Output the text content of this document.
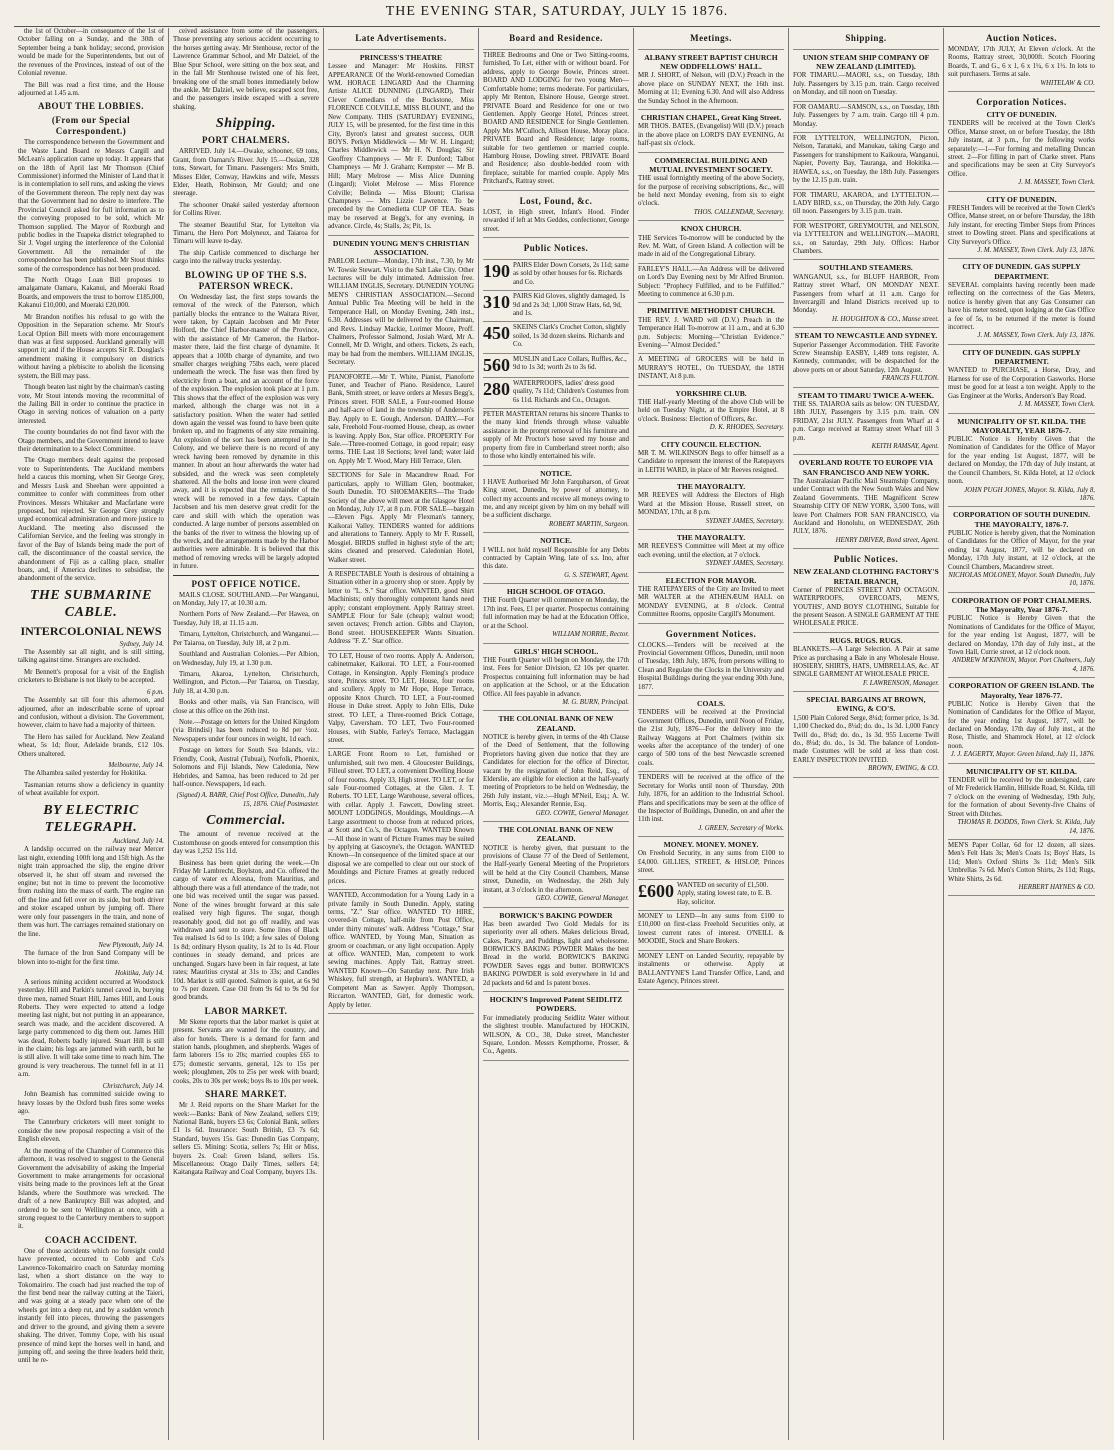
THE EVENING STAR, SATURDAY, JULY 15 1876.

the 1st of October—in consequence of the 1st of October falling on a Sunday, and the 30th of September being a bank holiday; second, provision would be made for the Superintendents, but out of the revenues of the Provinces, instead of out of the Colonial revenue.

The Bill was read a first time, and the House adjourned at 1.45 a.m.

ABOUT THE LOBBIES.
(From our Special Correspondent.)

The correspondence between the Government and the Waste Land Board re Messrs Cargill and McLean's application came up today. It appears that on the 18th of April last Mr Thomson (Chief Commissioner) informed the Minister of Land that it is in contemplation to sell runs, and asking the views of the Government thereon. The reply next day was that the Government had no desire to interfere. The Provincial Council asked for full information as to the conveying proposed to be sold, which Mr Thomson supplied. The Mayor of Roxburgh and public bodies in the Tuapeka district telegraphed to Sir J. Vogel urging the interference of the Colonial Government. All the remainder of the correspondence has been published. Mr Stout thinks some of the correspondence has not been produced.

The North Otago Loan Bill proposes to amalgamate Oamaru, Kakanui, and Moeraki Road Boards, and empowers the trust to borrow £185,000, Kakanui £10,000, and Moeraki £20,000.

Mr Brandon notifies his refusal to go with the Opposition in the Separation scheme. Mr Stout's Local Option Bill meets with more encouragement than was at first supposed. Auckland generally will support it; and if the House accepts Sir R. Douglas's amendment making it compulsory on districts without having a plebiscite to abolish the licensing system, the Bill may pass.

Though beaten last night by the chairman's casting vote, Mr Stout intends moving the recommittal of the Jailing Bill in order to continue the practice in Otago in serving notices of valuation on a party interested.

The county boundaries do not find favor with the Otago members, and the Government intend to leave their determination to a Select Committee.

The Otago members dealt against the proposed vote to Superintendents. The Auckland members held a caucus this morning, when Sir George Grey, and Messrs Lusk and Sheehan were appointed a committee to confer with committees from other Provinces. Messrs Whitaker and Macfarlane were proposed, but rejected. Sir George Grey strongly urged economical administration and more justice to Auckland. The meeting also discussed the Californian Service, and the feeling was strongly in favor of the Bay of Islands being made the port of call, the discontinuance of the coastal service, the abandonment of Fiji as a calling place, smaller boats, and, if America declines to subsidise, the abandonment of the service.

THE SUBMARINE CABLE.
INTERCOLONIAL NEWS
Sydney, July 14.

The Assembly sat all night, and is still sitting, talking against time. Strangers are excluded.

Mr Bennett's proposal for a visit of the English cricketers to Brisbane is not likely to be accepted.

6 p.m.

The Assembly sat till four this afternoon, and adjourned, after an indescribable scene of uproar and confusion, without a division. The Government, however, claim to have had a majority of thirteen.

The Hero has sailed for Auckland. New Zealand wheat, 5s 1d; flour, Adelaide brands, £12 10s. Others unaltered.

Melbourne, July 14.

The Alhambra sailed yesterday for Hokitika.

Tasmanian returns show a deficiency in quantity of wheat available for export.

BY ELECTRIC TELEGRAPH.
Auckland, July 14.

A landslip occurred on the railway near Mercer last night, extending 100ft long and 15ft high. As the night train approached the slip, the engine driver observed it, he shut off steam and reversed the engine; but not in time to prevent the locomotive from rushing into the mass of earth. The engine ran off the line and fell over on its side, but both driver and stoker escaped unhurt by jumping off. There were only four passengers in the train, and none of them was hurt. The carriages remained stationary on the line.

New Plymouth, July 14.

The furnace of the Iron Sand Company will be blown into to-night for the first time.

Hokitika, July 14.

A serious mining accident occurred at Woodstock yesterday. Hill and Parkin's tunnel caved in, burying three men, named Stuart Hill, James Hill, and Louis Roberts. They were expected to attend a lodge meeting last night, but not putting in an appearance, search was made, and the accident discovered. A large party commenced to dig them out. James Hill was dead, Roberts badly injured. Stuart Hill is still in the claim; his legs are jammed with earth, but he is still alive. It will take some time to reach him. The ground is very treacherous. The tunnel fell in at 11 a.m.

Christchurch, July 14.

John Beamish has committed suicide owing to heavy losses by the Oxford bush fires some weeks ago.

The Canterbury cricketers will meet tonight to consider the new proposal respecting a visit of the English eleven.

At the meeting of the Chamber of Commerce this afternoon, it was resolved to suggest to the General Government the advisability of asking the Imperial Government to make arrangements for occasional visits being made to the provinces left at the Great Islands, where the Southmore was wrecked. The draft of a new Bankruptcy Bill was adopted, and ordered to be sent to Wellington at once, with a strong request to the Canterbury members to support it.

COACH ACCIDENT.

One of those accidents which no foresight could have prevented, occurred to Cobb and Co's Lawrence-Tokomairiro coach on Saturday morning last, when a short distance on the way to Tokomairiro. The coach had just reached the top of the first bend near the railway cutting at the Taieri, and was going at a steady pace when one of the wheels got into a deep rut, and by a sudden wrench instantly fell into pieces, throwing the passengers and driver to the ground, and giving them a severe shaking. The driver, Tommy Cope, with his usual presence of mind kept the horses well in hand, and jumping off, and seeing the three leaders held their, until he re-

ceived assistance from some of the passengers. Those preventing any serious accident occurring to the horses getting away. Mr Stenhouse, rector of the Lawrence Grammar School, and Mr Dalziel, of the Blue Spur School, were sitting on the box seat, and in the fall Mr Stenhouse twisted one of his feet, breaking one of the small bones immediately below the ankle. Mr Dalziel, we believe, escaped scot free, and the passengers inside escaped with a severe shaking.

Shipping.
PORT CHALMERS.

ARRIVED. July 14.—Owake, schooner, 69 tons, Grant, from Oamaru's River. July 15.—Ossian, 328 tons, Stewart, for Timaru. Passengers: Mrs Smith, Misses Elder, Conway, Hawkins and wife, Messrs Elder, Heath, Robinson, Mr Gould; and one steerage.

The schooner Onaké sailed yesterday afternoon for Collins River.

The steamer Beautiful Star, for Lyttelton via Timaru, the Hero Port Molyneux, and Taiaroa for Timaru will leave to-day.

The ship Carlisle commenced to discharge her cargo into the railway trucks yesterday.

BLOWING UP OF THE S.S. PATERSON WRECK.

On Wednesday last, the first steps towards the removal of the wreck of the Paterson, which partially blocks the entrance to the Waitara River, were taken, by Captain Jacobsen and Mr Peter Holford, the Chief Harbor-master of the Province, with the assistance of Mr Cameron, the Harbor-master there, laid the first charge of dynamite. It appears that a 100lb charge of dynamite, and two smaller charges weighing 75lbs each, were placed underneath the wreck. The fuse was then fired by electricity from a boat, and an account of the force of the explosion. The explosion took place at 1 p.m. This shows that the effect of the explosion was very marked, although the charge was not in a satisfactory position. When the water had settled down again the vessel was found to have been quite broken up, and no fragments of any size remaining. An explosion of the sort has been attempted in the Colony, and we believe there is no record of any wreck having been removed by dynamite in this manner. In about an hour afterwards the water had subsided, and the wreck was seen completely shattered. All the bolts and loose iron were cleared away, and it is expected that the remainder of the wreck will be removed in a few days. Captain Jacobsen and his men deserve great credit for the care and skill with which the operation was conducted. A large number of persons assembled on the banks of the river to witness the blowing up of the wreck, and the arrangements made by the Harbor authorities were admirable. It is believed that this method of removing wrecks will be largely adopted in future.

POST OFFICE NOTICE.

MAILS CLOSE. SOUTHLAND.—Per Wanganui, on Monday, July 17, at 10.30 a.m.

Northern Ports of New Zealand.—Per Hawea, on Tuesday, July 18, at 11.15 a.m.

Timaru, Lyttelton, Christchurch, and Wanganui.—Per Taiaroa, on Tuesday, July 18, at 2 p.m.

Southland and Australian Colonies.—Per Albion, on Wednesday, July 19, at 1.30 p.m.

Timaru, Akaroa, Lyttelton, Christchurch, Wellington, and Picton.—Per Taiaroa, on Tuesday, July 18, at 4.30 p.m.

Books and other mails, via San Francisco, will close at this office on the 26th inst.

Note.—Postage on letters for the United Kingdom (via Brindisi) has been reduced to 8d per ½oz. Newspapers under four ounces in weight, 1d each.

Postage on letters for South Sea Islands, viz.: Friendly, Cook, Austral (Tubuai), Norfolk, Phoenix, Solomons and Fiji Islands, New Caledonia, New Hebrides, and Samoa, has been reduced to 2d per half-ounce. Newspapers, 1d each.

(Signed) A. BARR, Chief Post Office, Dunedin, July 15, 1876. Chief Postmaster.
Commercial.

The amount of revenue received at the Customhouse on goods entered for consumption this day was 1,252 15s 11d.

Business has been quiet during the week.—On Friday Mr Lambrecht, Boylston, and Co. offered the cargo of water ex Alcesna, from Mauritius, and although there was a full attendance of the trade, not one bid was received until the sugar was passed. None of the wines brought forward at this sale realised very high figures. The sugar, though reasonably good, did not go off readily, and was withdrawn and sent to store. Some lines of Black Tea realised 1s 6d to 1s 10d; a few sales of Oolong 1s 8d; ordinary Hyson quality, 1s 2d to 1s 4d. Flour continues in steady demand, and prices are unchanged. Sugars have been in fair request, at late rates; Mauritius crystal at 31s to 33s; and Candles 10d. Market is still quoted. Salmon is quiet, at 6s 9d to 7s per dozen. Case Oil from 9s 6d to 9s 9d for good brands.

LABOR MARKET.

Mr Skene reports that the labor market is quiet at present. Servants are wanted for the country, and also for hotels. There is a demand for farm and station hands, ploughmen, and shepherds. Wages of farm laborers 15s to 20s; married couples £65 to £75; domestic servants, general, 12s to 15s per week; ploughmen, 20s to 25s per week with board; cooks, 20s to 30s per week; boys 8s to 10s per week.

SHARE MARKET.

Mr J. Reid reports on the Share Market for the week:—Banks: Bank of New Zealand, sellers £19; National Bank, buyers £3 6s; Colonial Bank, sellers £1 1s 6d. Insurance: South British, £3 7s 6d; Standard, buyers 15s. Gas: Dunedin Gas Company, sellers £5. Mining: Scotia, sellers 7s; Hit or Miss, buyers 2s. Coal: Green Island, sellers 15s. Miscellaneous: Otago Daily Times, sellers £4; Kaitangata Railway and Coal Company, buyers 13s.

Late Advertisements.
PRINCESS'S THEATRE
Lessee and Manager: Mr Hoskins. FIRST APPEARANCE Of the World-renowned Comedian WM. HORACE LINGARD And the Charming Artiste ALICE DUNNING (LINGARD), Their Clever Comedians of the Buckstone, Miss FLORENCE COLVILLE, MISS BLOUNT, and the New Company. THIS (SATURDAY) EVENING, JULY 15, will be presented, for the first time in this City, Byron's latest and greatest success, OUR BOYS. Perkyn Middlewick — Mr W. H. Lingard; Charles Middlewick — Mr H. N. Douglas; Sir Geoffrey Champneys — Mr F. Dunford; Talbot Champneys — Mr J. Graham; Kempster — Mr B. Hill; Mary Melrose — Miss Alice Dunning (Lingard); Violet Melrose — Miss Florence Colville; Belinda — Miss Blount; Clarissa Champneys — Mrs Lizzie Lawrence. To be preceded by the Comedietta CUP OF TEA. Seats may be reserved at Begg's, for any evening, in advance. Circle, 4s; Stalls, 2s; Pit, 1s.
DUNEDIN YOUNG MEN'S CHRISTIAN ASSOCIATION.
PARLOR Lecture—Monday, 17th inst., 7.30, by Mr W. Towsie Stewart. Visit to the Salt Lake City. Other Lectures will be duly intimated. Admission free. WILLIAM INGLIS, Secretary. DUNEDIN YOUNG MEN'S CHRISTIAN ASSOCIATION.—Second Annual Public Tea Meeting will be held in the Temperance Hall, on Monday Evening, 24th inst., 6.30. Addresses will be delivered by the Chairman, and Revs. Lindsay Mackie, Lorimer Moore, Proff. Chalmers, Professor Salmond, Josiah Ward, Mr A. Connell, Mr D. Wright, and others. Tickets, 2s each, may be had from the members. WILLIAM INGLIS, Secretary.
PIANOFORTE.—Mr T. White, Pianist, Pianoforte Tuner, and Teacher of Piano. Residence, Laurel Bank, Smith street, or leave orders at Messrs Begg's, Princes street. FOR SALE, a Four-roomed House and half-acre of land in the township of Anderson's Bay. Apply to E. Gough, Anderson. DAIRY.—For sale, Freehold Four-roomed House, cheap, as owner is leaving. Apply Box, Star office. PROPERTY For Sale.—Three-roomed Cottage, in good repair; easy terms. THE Last 18 Sections; level land; water laid on. Apply Mr T. Wood, Mary Hill Terrace, Glen.
SECTIONS for Sale in Macandrew Road. For particulars, apply to William Glen, bootmaker, South Dunedin. TO SHOEMAKERS—The Trade Society of the above will meet at the Glasgow Hotel on Monday, July 17, at 8 p.m. FOR SALE—bargain—Eleven Pigs. Apply Mr Flexman's tannery, Kaikorai Valley. TENDERS wanted for additions and alterations to Tannery. Apply to Mr F. Russell, Mosgiel. BIRDS stuffed in highest style of the art; skins cleaned and preserved. Caledonian Hotel, Walker street.
A RESPECTABLE Youth is desirous of obtaining a Situation either in a grocery shop or store. Apply by letter to "L. S." Star office. WANTED, good Shirt Machinists; only thoroughly competent hands need apply; constant employment. Apply Rattray street. SAMPLE Flour for Sale (cheap); walnut wood; seven octaves; French action. Gibbs and Clayton, Bond street. HOUSEKEEPER Wants Situation. Address "F. Z." Star office.
TO LET, House of two rooms. Apply A. Anderson, cabinetmaker, Kaikorai. TO LET, a Four-roomed Cottage, in Kensington. Apply Fleming's produce store, Princes street. TO LET, House, four rooms and scullery. Apply to Mr Hope, Hope Terrace, opposite Knox Church. TO LET, a Four-roomed House in Duke street. Apply to John Ellis, Duke street. TO LET, a Three-roomed Brick Cottage, Valpy, Caversham. TO LET, Two Four-roomed Houses, with Stable, Farley's Terrace, Maclaggan street.
LARGE Front Room to Let, furnished or unfurnished, suit two men. 4 Gloucester Buildings, Filleul street. TO LET, a convenient Dwelling House of four rooms. Apply 33, High street. TO LET, or for sale Four-roomed Cottages, at the Glen. J. T. Roberts. TO LET, Large Warehouse, several offices, with cellar. Apply J. Fawcett, Dowling street. MOUNT LODGINGS, Mouldings, Mouldings.—A Large assortment to choose from at reduced prices, at Scott and Co.'s, the Octagon. WANTED Known—All those in want of Picture Frames may be suited by applying at Gascoyne's, the Octagon. WANTED Known—In consequence of the limited space at our disposal we are compelled to clear out our stock of Mouldings and Picture Frames at greatly reduced prices.
WANTED, Accommodation for a Young Lady in a private family in South Dunedin. Apply, stating terms, "Z." Star office. WANTED TO HIRE, covered-in Cottage, half-mile from Post Office, under thirty minutes' walk. Address "Cottage," Star office. WANTED, by Young Man, Situation as groom or coachman, or any light occupation. Apply at office. WANTED, Man, competent to work sewing machines. Apply Tait, Rattray street. WANTED Known—On Saturday next. Pure Irish Whiskey, full strength, at Hepburn's. WANTED, a Competent Man as Sawyer. Apply Thompson, Riccarton. WANTED, Girl, for domestic work. Apply by letter.
Board and Residence.
THREE Bedrooms and One or Two Sitting-rooms, furnished, To Let, either with or without board. For address, apply to George Bowie, Princes street. BOARD AND LODGING for two young Men—Comfortable home; terms moderate. For particulars, apply Mr Renton, Elsinore House, George street. PRIVATE Board and Residence for one or two Gentlemen. Apply George Hotel, Princes street. BOARD AND RESIDENCE for Single Gentlemen. Apply Mrs M'Culloch, Allison House, Moray place. PRIVATE Board and Residence; large rooms, suitable for two gentlemen or married couple. Hamburg House, Dowling street. PRIVATE Board and Residence; also double-bedded room with fireplace, suitable for married couple. Apply Mrs Pritchard's, Rattray street.
Lost, Found, &c.
LOST, in High street, Infant's Hood. Finder rewarded if left at Mrs Geddes, confectioner, George street.
Public Notices.
190 PAIRS Elder Down Corsets, 2s 11d; same as sold by other houses for 6s. Richards and Co.
310 PAIRS Kid Gloves, slightly damaged, 1s 9d and 2s 3d; 1,000 Straw Hats, 6d, 9d, and 1s.
450 SKEINS Clark's Crochet Cotton, slightly soiled, 1s 3d dozen skeins. Richards and Co.
560 MUSLIN and Lace Collars, Ruffles, &c., 9d to 1s 3d; worth 2s to 3s 6d.
280 WATERPROOFS, ladies' dress good quality, 7s 11d; Children's Costumes from 6s 11d. Richards and Co., Octagon.
PETER MASTERTAN returns his sincere Thanks to the many kind friends through whose valuable assistance in the prompt removal of his furniture and supply of Mr Proctor's hose saved my house and property from fire in Cumberland street north; also to those who kindly entertained his wife.
NOTICE.
I HAVE Authorised Mr John Farquharson, of Great King street, Dunedin, by power of attorney, to collect my accounts and receive all moneys owing to me, and any receipt given by him on my behalf will be a sufficient discharge.
ROBERT MARTIN, Surgeon.
NOTICE.
I WILL not hold myself Responsible for any Debts contracted by Captain Wing, late of s.s. Ino, after this date.
G. S. STEWART, Agent.
HIGH SCHOOL OF OTAGO.
THE Fourth Quarter will commence on Monday, the 17th inst. Fees, £1 per quarter. Prospectus containing full information may be had at the Education Office, or at the School.
WILLIAM NORRIE, Rector.
GIRLS' HIGH SCHOOL.
THE Fourth Quarter will begin on Monday, the 17th inst. Fees for Senior Division, £2 10s per quarter. Prospectus containing full information may be had on application at the School, or at the Education Office. All fees payable in advance.
M. G. BURN, Principal.
THE COLONIAL BANK OF NEW ZEALAND.
NOTICE is hereby given, in terms of the 4th Clause of the Deed of Settlement, that the following Proprietors having given due notice that they are Candidates for election for the office of Director, vacant by the resignation of John Reid, Esq., of Elderslie, are eligible for election at the half-yearly meeting of Proprietors to be held on Wednesday, the 26th July instant, viz.:—Hugh M'Neil, Esq.; A. W. Morris, Esq.; Alexander Rennie, Esq.
GEO. COWIE, General Manager.
THE COLONIAL BANK OF NEW ZEALAND.
NOTICE is hereby given, that pursuant to the provisions of Clause 77 of the Deed of Settlement, the Half-yearly General Meeting of the Proprietors will be held at the City Council Chambers, Manse street, Dunedin, on Wednesday, the 26th July instant, at 3 o'clock in the afternoon.
GEO. COWIE, General Manager.
BORWICK'S BAKING POWDER
Has been awarded Two Gold Medals for its superiority over all others. Makes delicious Bread, Cakes, Pastry, and Puddings, light and wholesome. BORWICK'S BAKING POWDER Makes the best Bread in the world. BORWICK'S BAKING POWDER Saves eggs and butter. BORWICK'S BAKING POWDER is sold everywhere in 1d and 2d packets and 6d and 1s patent boxes.
HOCKIN'S Improved Patent SEIDLITZ POWDERS.
For immediately producing Seidlitz Water without the slightest trouble. Manufactured by HOCKIN, WILSON, & CO., 38, Duke street, Manchester Square, London. Messrs Kempthorne, Prosser, & Co., Agents.
Meetings.
ALBANY STREET BAPTIST CHURCH NEW ODDFELLOWS' HALL.
MR J. SHORT, of Nelson, will (D.V.) Preach in the above place on SUNDAY NEXT, the 16th inst. Morning at 11; Evening 6.30. And will also Address the Sunday School in the Afternoon.
CHRISTIAN CHAPEL, Great King Street.
MR THOS. BATES, (Evangelist) Will (D.V.) preach in the above place on LORD'S DAY EVENING, At half-past six o'clock.
COMMERCIAL BUILDING AND MUTUAL INVESTMENT SOCIETY.
THE usual fortnightly meeting of the above Society, for the purpose of receiving subscriptions, &c., will be held next Monday evening, from six to eight o'clock.
THOS. CALLENDAR, Secretary.
KNOX CHURCH.
THE Services To-morrow will be conducted by the Rev. M. Watt, of Green Island. A collection will be made in aid of the Congregational Library.
FARLEY'S HALL.—An Address will be delivered on Lord's Day Evening next by Mr Alfred Brunton. Subject: "Prophecy Fulfilled, and to be Fulfilled." Meeting to commence at 6.30 p.m.
PRIMITIVE METHODIST CHURCH.
THE REV. J. WARD will (D.V.) Preach in the Temperance Hall To-morrow at 11 a.m., and at 6.30 p.m. Subjects: Morning—"Christian Evidence." Evening—"Almost Decided."
A MEETING of GROCERS will be held in MURRAY'S HOTEL, On TUESDAY, the 18TH INSTANT, At 8 p.m.
YORKSHIRE CLUB.
THE Half-yearly Meeting of the above Club will be held on Tuesday Night, at the Empire Hotel, at 8 o'clock. Business: Election of Officers, &c.
D. K. RHODES, Secretary.
CITY COUNCIL ELECTION.
MR T. M. WILKINSON Begs to offer himself as a Candidate to represent the interest of the Ratepayers in LEITH WARD, in place of Mr Reeves resigned.
THE MAYORALTY.
MR REEVES will Address the Electors of High Ward at the Mission House, Russell street, on MONDAY, 17th, at 8 p.m.
SYDNEY JAMES, Secretary.
THE MAYORALTY.
MR REEVES'S Committee will Meet at my office each evening, until the election, at 7 o'clock.
SYDNEY JAMES, Secretary.
ELECTION FOR MAYOR.
THE RATEPAYERS of the City are Invited to meet MR WALTER at the ATHENÆUM HALL on MONDAY EVENING, at 8 o'clock. Central Committee Rooms, opposite Cargill's Monument.
Government Notices.
CLOCKS.—Tenders will be received at the Provincial Government Offices, Dunedin, until noon of Tuesday, 18th July, 1876, from persons willing to Clean and Regulate the Clocks in the University and Hospital Buildings during the year ending 30th June, 1877.
COALS.
TENDERS will be received at the Provincial Government Offices, Dunedin, until Noon of Friday, the 21st July, 1876—For the delivery into the Railway Waggons at Port Chalmers (within six weeks after the acceptance of the tender) of one cargo of 500 tons of the best Newcastle screened coals.
TENDERS will be received at the office of the Secretary for Works until noon of Thursday, 20th July, 1876, for an addition to the Industrial School. Plans and specifications may be seen at the office of the Inspector of Buildings, Dunedin, on and after the 11th inst.
J. GREEN, Secretary of Works.
MONEY. MONEY. MONEY.
On Freehold Security, in any sums from £100 to £4,000. GILLIES, STREET, & HISLOP, Princes street.
£600 WANTED on security of £1,500. Apply, stating lowest rate, to E. B. Hay, solicitor.
MONEY to LEND—In any sums from £100 to £10,000 on first-class Freehold Securities only, at lowest current rates of interest. O'NEILL & MOODIE, Stock and Share Brokers.
MONEY LENT on Landed Security, repayable by instalments or otherwise. Apply at BALLANTYNE'S Land Transfer Office, Land, and Estate Agency, Princes street.
Shipping.
UNION STEAM SHIP COMPANY OF NEW ZEALAND (LIMITED).
FOR TIMARU.—MAORI, s.s., on Tuesday, 18th July. Passengers by 3.15 p.m. train. Cargo received on Monday, and till noon on Tuesday.
FOR OAMARU.—SAMSON, s.s., on Tuesday, 18th July. Passengers by 7 a.m. train. Cargo till 4 p.m. Monday.
FOR LYTTELTON, WELLINGTON, Picton, Nelson, Taranaki, and Manukau, taking Cargo and Passengers for transhipment to Kaikoura, Wanganui, Napier, Poverty Bay, Tauranga, and Hokitika.—HAWEA, s.s., on Tuesday, the 18th July. Passengers by the 12.15 p.m. train.
FOR TIMARU, AKAROA, and LYTTELTON.—LADY BIRD, s.s., on Thursday, the 20th July. Cargo till noon. Passengers by 3.15 p.m. train.
FOR WESTPORT, GREYMOUTH, and NELSON, via LYTTELTON and WELLINGTON.—MAORI, s.s., on Saturday, 29th July. Offices: Harbor Chambers.
SOUTHLAND STEAMERS.
WANGANUI, s.s., for BLUFF HARBOR, From Rattray street Wharf, ON MONDAY NEXT. Passengers from wharf at 11 a.m. Cargo for Invercargill and Inland Districts received up to Monday.
H. HOUGHTON & CO., Manse street.
STEAM TO NEWCASTLE AND SYDNEY.
Superior Passenger Accommodation. THE Favorite Screw Steamship EASBY, 1,489 tons register, A. Kennedy, commander, will be despatched for the above ports on or about Saturday, 12th August.
FRANCIS FULTON.
STEAM TO TIMARU TWICE A-WEEK.
THE SS. TAIAROA sails as below: ON TUESDAY, 18th JULY, Passengers by 3.15 p.m. train. ON FRIDAY, 21st JULY. Passengers from Wharf at 4 p.m. Cargo received at Rattray street Wharf till 3 p.m.
KEITH RAMSAY, Agent.
OVERLAND ROUTE TO EUROPE VIA SAN FRANCISCO AND NEW YORK.
The Australasian Pacific Mail Steamship Company, under Contract with the New South Wales and New Zealand Governments. THE Magnificent Screw Steamship CITY OF NEW YORK, 3,500 Tons, will leave Port Chalmers FOR SAN FRANCISCO, via Auckland and Honolulu, on WEDNESDAY, 26th JULY, 1876.
HENRY DRIVER, Bond street, Agent.
Public Notices.
NEW ZEALAND CLOTHING FACTORY'S RETAIL BRANCH,
Corner of PRINCES STREET AND OCTAGON. WATERPROOFS, OVERCOATS, MEN'S, YOUTHS', AND BOYS' CLOTHING, Suitable for the present Season. A SINGLE GARMENT AT THE WHOLESALE PRICE.
RUGS. RUGS. RUGS.
BLANKETS.—A Large Selection. A Pair at same Price as purchasing a Bale in any Wholesale House. HOSIERY, SHIRTS, HATS, UMBRELLAS, &c. AT SINGLE GARMENT AT WHOLESALE PRICE.
F. LAWRENSON, Manager.
SPECIAL BARGAINS AT BROWN, EWING, & CO'S.
1,500 Plain Colored Serge, 8¼d; former price, 1s 3d. 1,100 Checked do., 8¼d; do. do., 1s 3d. 1,000 Fancy Twill do., 8¼d; do. do., 1s 3d. 955 Lucerne Twill do., 8¼d; do. do., 1s 3d. The balance of London-made Costumes will be sold at less than cost. EARLY INSPECTION INVITED.
BROWN, EWING, & CO.
Auction Notices.
MONDAY, 17th JULY, At Eleven o'clock. At the Rooms, Rattray street, 30,000ft. Scotch Flooring Boards, T. and G., 6 x 1, 6 x 1¼, 6 x 1½. In lots to suit purchasers. Terms at sale.
WHITELAW & CO.
Corporation Notices.
CITY OF DUNEDIN.
TENDERS will be received at the Town Clerk's Office, Manse street, on or before Tuesday, the 18th July instant, at 3 p.m., for the following works separately:—1—For forming and metalling Duncan street. 2—For filling in part of Clarke street. Plans and specifications may be seen at City Surveyor's Office.
J. M. MASSEY, Town Clerk.
CITY OF DUNEDIN.
FRESH Tenders will be received at the Town Clerk's Office, Manse street, on or before Thursday, the 18th July instant, for erecting Timber Steps from Princes street to Dowling street. Plans and specifications at City Surveyor's Office.
J. M. MASSEY, Town Clerk. July 13, 1876.
CITY OF DUNEDIN. GAS SUPPLY DEPARTMENT.
SEVERAL complaints having recently been made reflecting on the correctness of the Gas Meters, notice is hereby given that any Gas Consumer can have his meter tested, upon lodging at the Gas Office a fee of 5s, to be returned if the meter is found incorrect.
J. M. MASSEY, Town Clerk. July 13, 1876.
CITY OF DUNEDIN. GAS SUPPLY DEPARTMENT.
WANTED to PURCHASE, a Horse, Dray, and Harness for use of the Corporation Gasworks. Horse must be good for at least a ton weight. Apply to the Gas Engineer at the Works, Anderson's Bay Road.
J. M. MASSEY, Town Clerk.
MUNICIPALITY OF ST. KILDA. THE MAYORALTY, YEAR 1876-7.
PUBLIC Notice is Hereby Given that the Nomination of Candidates for the Office of Mayor for the year ending 1st August, 1877, will be declared on Monday, the 17th day of July instant, at the Council Chambers, St. Kilda Hotel, at 12 o'clock noon.
JOHN PUGH JONES, Mayor. St. Kilda, July 8, 1876.
CORPORATION OF SOUTH DUNEDIN. THE MAYORALTY, 1876-7.
PUBLIC Notice is hereby given, that the Nomination of Candidates for the Office of Mayor, for the year ending 1st August, 1877, will be declared on Monday, 17th July instant, at 12 o'clock, at the Council Chambers, Macandrew street.
NICHOLAS MOLONEY, Mayor. South Dunedin, July 10, 1876.
CORPORATION OF PORT CHALMERS. The Mayoralty, Year 1876-7.
PUBLIC Notice is Hereby Given that the Nominations of Candidates for the Office of Mayor, for the year ending 1st August, 1877, will be declared on Monday, 17th day of July inst., at the Town Hall, Currie street, at 12 o'clock noon.
ANDREW M'KINNON, Mayor. Port Chalmers, July 4, 1876.
CORPORATION OF GREEN ISLAND. The Mayoralty, Year 1876-77.
PUBLIC Notice is Hereby Given that the Nomination of Candidates for the Office of Mayor, for the year ending 1st August, 1877, will be declared on Monday, 17th day of July inst., at the Rose, Thistle, and Shamrock Hotel, at 12 o'clock noon.
J. J. EAGERTY, Mayor. Green Island, July 11, 1876.
MUNICIPALITY OF ST. KILDA.
TENDER will be received by the undersigned, care of Mr Frederick Hamlin, Hillside Road, St. Kilda, till 7 o'clock on the evening of Wednesday, 19th July, for the formation of about Seventy-five Chains of Street with Ditches.
THOMAS R. DODDS, Town Clerk. St. Kilda, July 14, 1876.
MEN'S Paper Collar, 6d for 12 dozen, all sizes. Men's Felt Hats 3s; Men's Coats 1s; Boys' Hats, 1s 11d; Men's Oxford Shirts 3s 11d; Men's Silk Umbrellas 7s 6d. Men's Cotton Shirts, 2s 11d; Rugs, White Shirts, 2s 6d.
HERBERT HAYNES & CO.
